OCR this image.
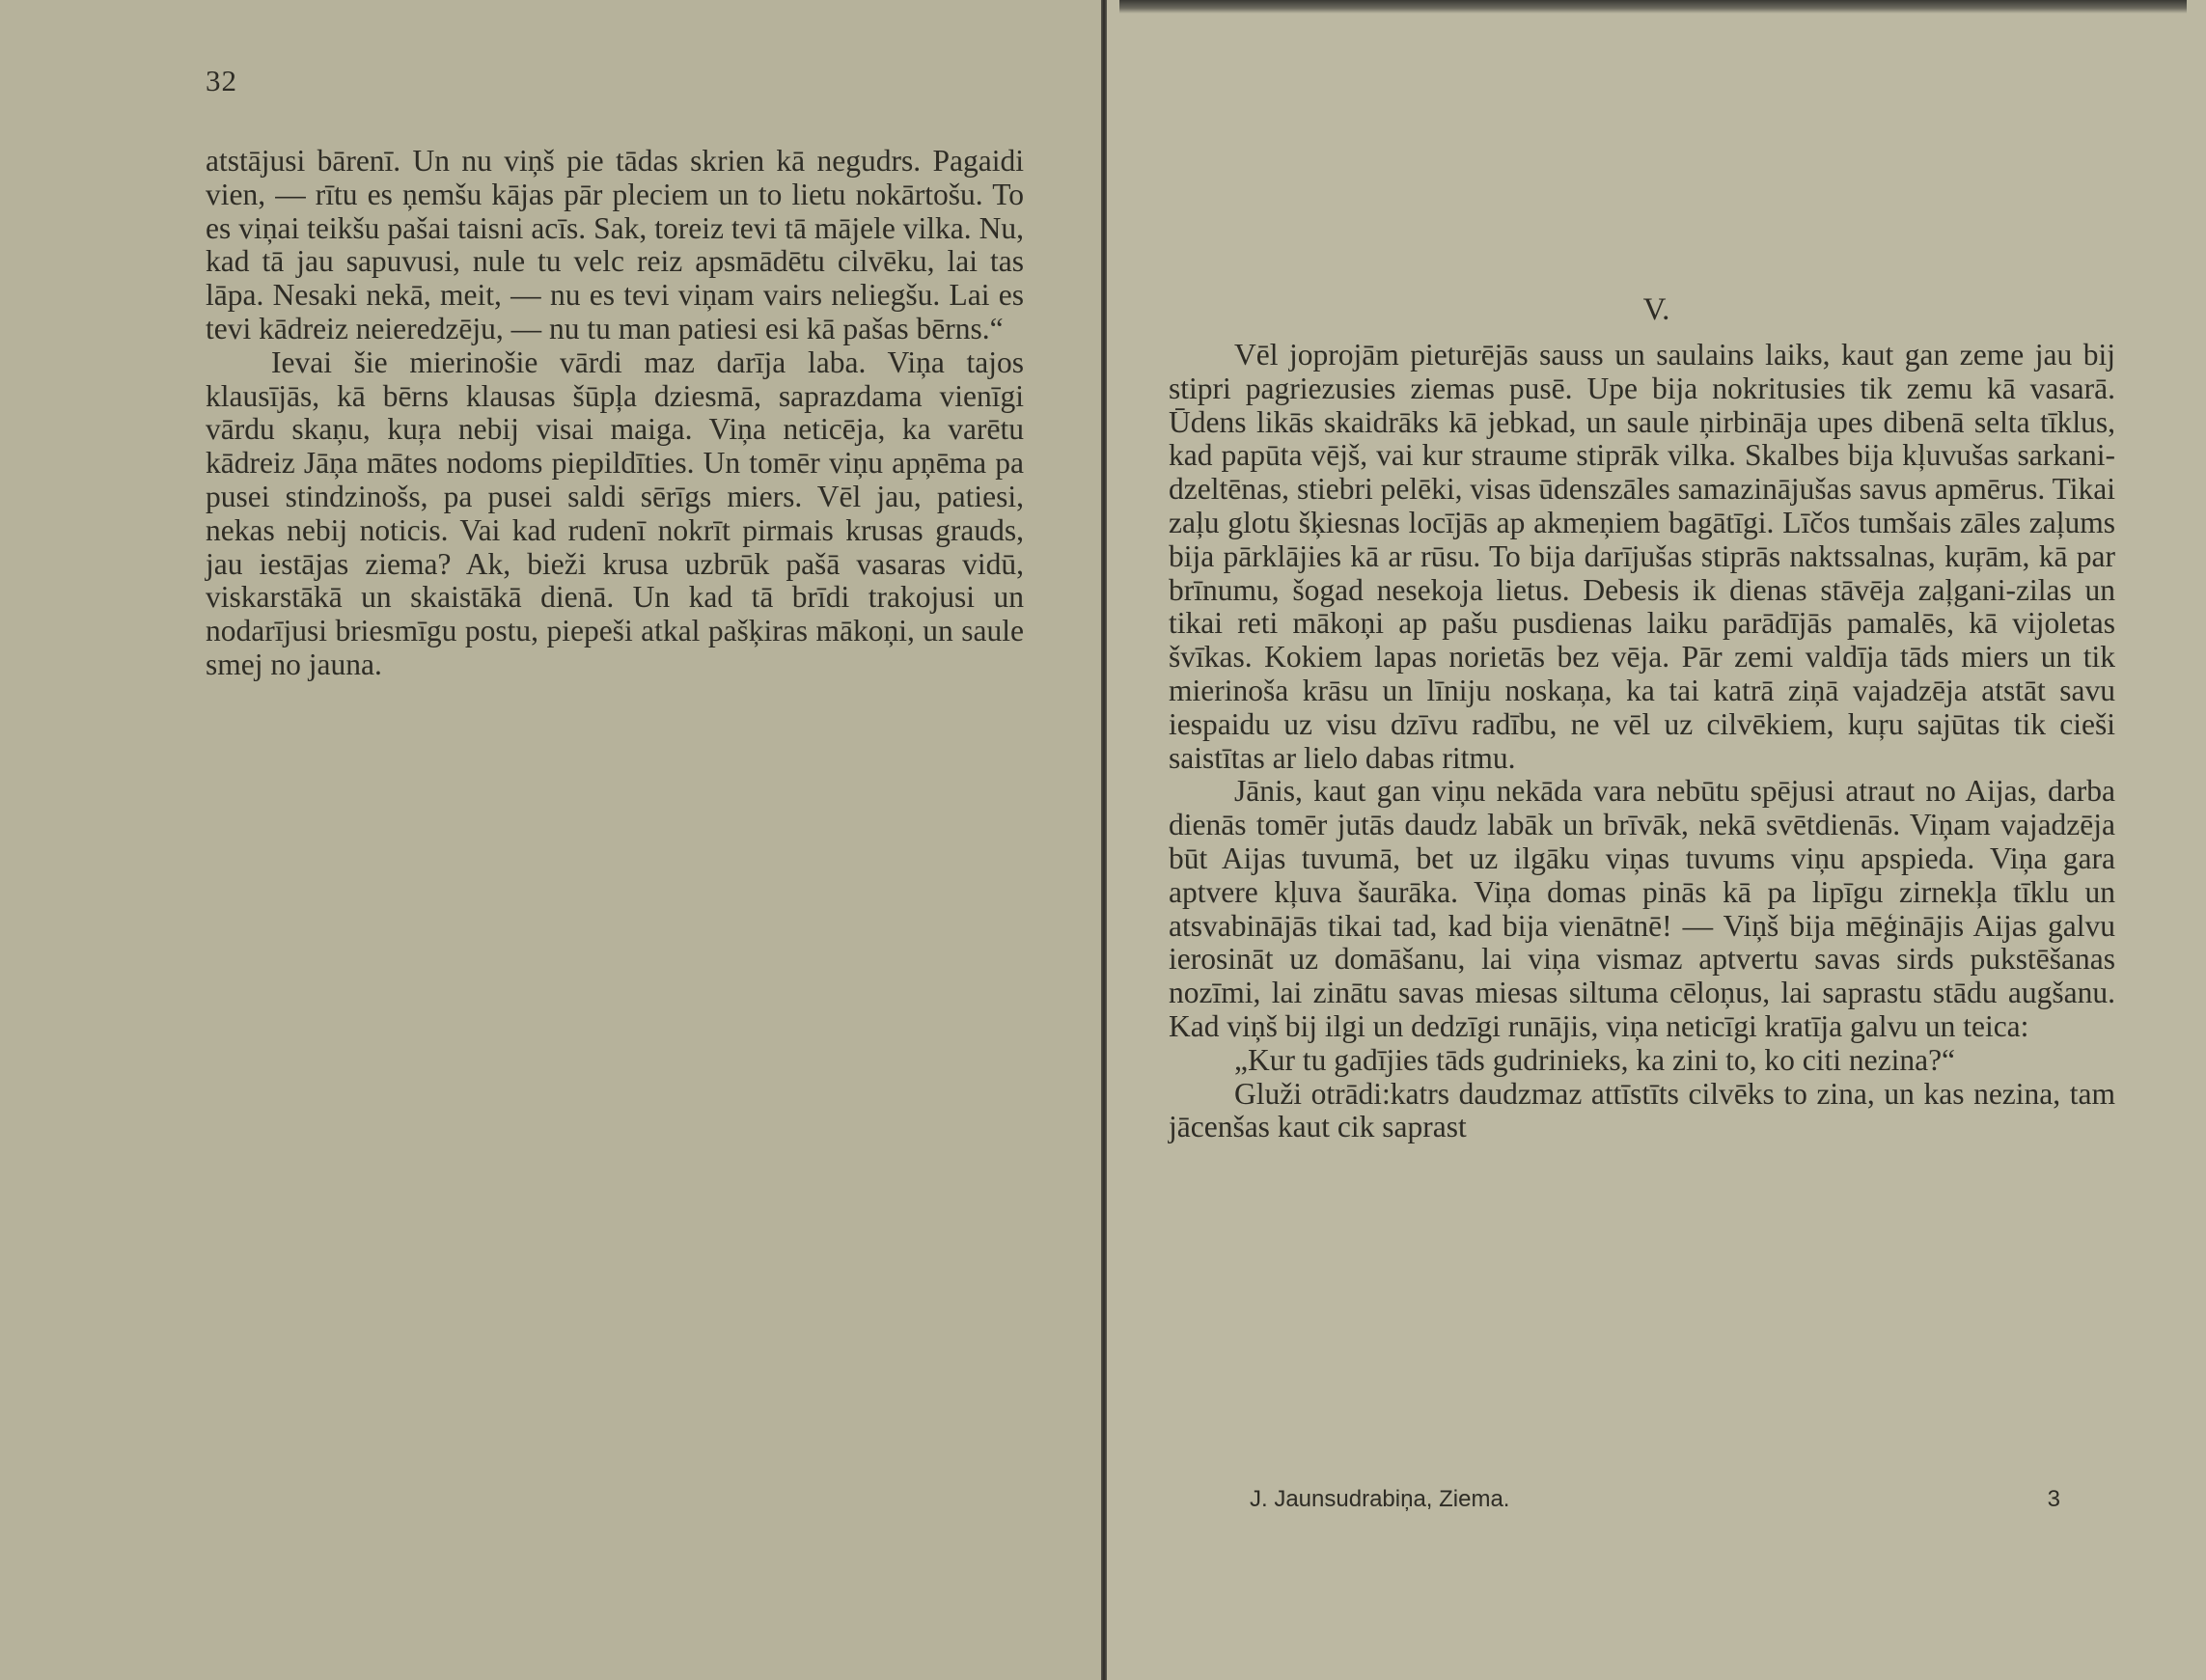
32

atstājusi bārenī. Un nu viņš pie tādas skrien kā negudrs. Pagaidi vien, — rītu es ņemšu kājas pār pleciem un to lietu nokārtošu. To es viņai teikšu pašai taisni acīs. Sak, toreiz tevi tā mājele vilka. Nu, kad tā jau sapuvusi, nule tu velc reiz apsmādētu cilvēku, lai tas lāpa. Nesaki nekā, meit, — nu es tevi viņam vairs neliegšu. Lai es tevi kādreiz neieredzēju, — nu tu man patiesi esi kā pašas bērns.“

Ievai šie mierinošie vārdi maz darīja laba. Viņa tajos klausījās, kā bērns klausas šūpļa dziesmā, saprazdama vienīgi vārdu skaņu, kuŗa nebij visai maiga. Viņa neticēja, ka varētu kādreiz Jāņa mātes nodoms piepildīties. Un tomēr viņu apņēma pa pusei stindzinošs, pa pusei saldi sērīgs miers. Vēl jau, patiesi, nekas nebij noticis. Vai kad rudenī nokrīt pirmais krusas grauds, jau iestājas ziema? Ak, bieži krusa uzbrūk pašā vasaras vidū, viskarstākā un skaistākā dienā. Un kad tā brīdi trakojusi un nodarījusi briesmīgu postu, piepeši atkal pašķiras mākoņi, un saule smej no jauna.

V.

Vēl joprojām pieturējās sauss un saulains laiks, kaut gan zeme jau bij stipri pagriezusies ziemas pusē. Upe bija nokritusies tik zemu kā vasarā. Ūdens likās skaidrāks kā jebkad, un saule ņirbināja upes dibenā selta tīklus, kad papūta vējš, vai kur straume stiprāk vilka. Skalbes bija kļuvušas sarkani-dzeltēnas, stiebri pelēki, visas ūdenszāles samazinājušas savus apmērus. Tikai zaļu glotu šķiesnas locījās ap akmeņiem bagātīgi. Līčos tumšais zāles zaļums bija pārklājies kā ar rūsu. To bija darījušas stiprās naktssalnas, kuŗām, kā par brīnumu, šogad nesekoja lietus. Debesis ik dienas stāvēja zaļgani-zilas un tikai reti mākoņi ap pašu pusdienas laiku parādījās pamalēs, kā vijoletas švīkas. Kokiem lapas norietās bez vēja. Pār zemi valdīja tāds miers un tik mierinoša krāsu un līniju noskaņa, ka tai katrā ziņā vajadzēja atstāt savu iespaidu uz visu dzīvu radību, ne vēl uz cilvēkiem, kuŗu sajūtas tik cieši saistītas ar lielo dabas ritmu.

Jānis, kaut gan viņu nekāda vara nebūtu spējusi atraut no Aijas, darba dienās tomēr jutās daudz labāk un brīvāk, nekā svētdienās. Viņam vajadzēja būt Aijas tuvumā, bet uz ilgāku viņas tuvums viņu apspieda. Viņa gara aptvere kļuva šaurāka. Viņa domas pinās kā pa lipīgu zirnekļa tīklu un atsvabinājās tikai tad, kad bija vienātnē! — Viņš bija mēģinājis Aijas galvu ierosināt uz domāšanu, lai viņa vismaz aptvertu savas sirds pukstēšanas nozīmi, lai zinātu savas miesas siltuma cēloņus, lai saprastu stādu augšanu. Kad viņš bij ilgi un dedzīgi runājis, viņa neticīgi kratīja galvu un teica:

„Kur tu gadījies tāds gudrinieks, ka zini to, ko citi nezina?“

Gluži otrādi:katrs daudzmaz attīstīts cilvēks to zina, un kas nezina, tam jācenšas kaut cik saprast

J. Jaunsudrabiņa, Ziema.	3
